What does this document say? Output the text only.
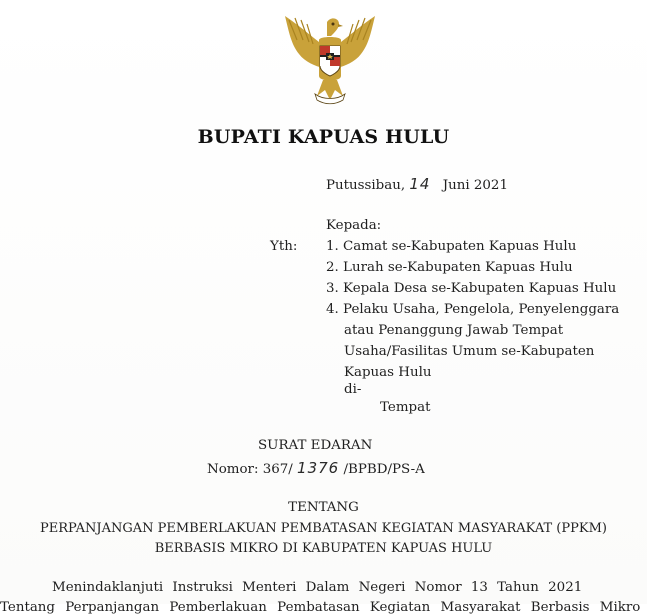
BUPATI KAPUAS HULU
Putussibau, 14 Juni 2021
Kepada:
Yth: 1. Camat se-Kabupaten Kapuas Hulu
2. Lurah se-Kabupaten Kapuas Hulu
3. Kepala Desa se-Kabupaten Kapuas Hulu
4. Pelaku Usaha, Pengelola, Penyelenggara
atau Penanggung Jawab Tempat
Usaha/Fasilitas Umum se-Kabupaten
Kapuas Hulu
di-
Tempat
SURAT EDARAN
Nomor: 367/ 1376 /BPBD/PS-A
TENTANG
PERPANJANGAN PEMBERLAKUAN PEMBATASAN KEGIATAN MASYARAKAT (PPKM)
BERBASIS MIKRO DI KABUPATEN KAPUAS HULU
Menindaklanjuti Instruksi Menteri Dalam Negeri Nomor 13 Tahun 2021
Tentang Perpanjangan Pemberlakuan Pembatasan Kegiatan Masyarakat Berbasis Mikro
